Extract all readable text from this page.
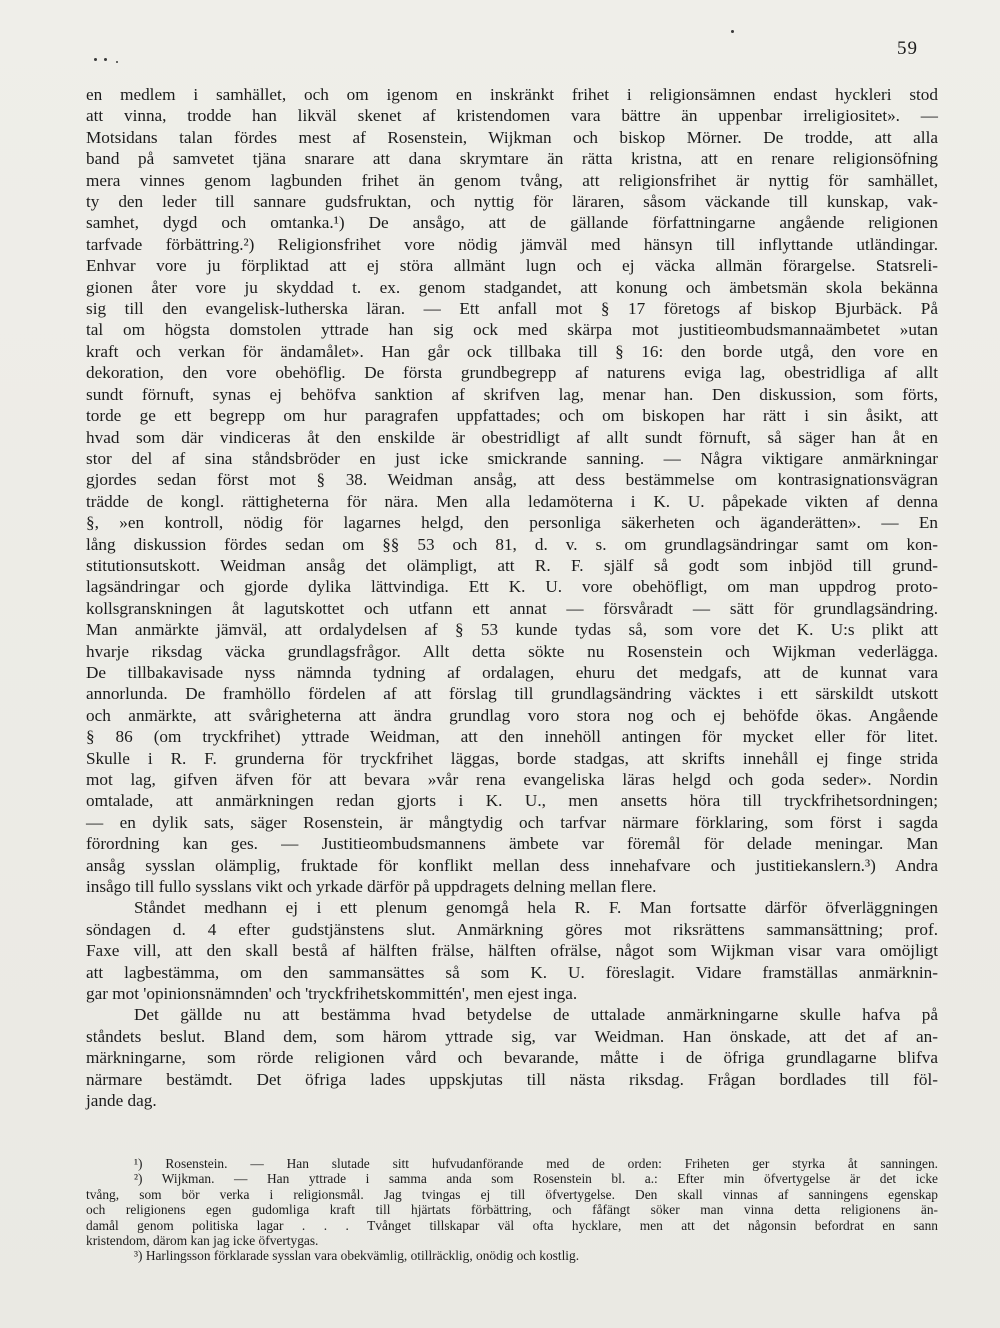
59
en medlem i samhället, och om igenom en inskränkt frihet i religionsämnen endast hyckleri stod
att vinna, trodde han likväl skenet af kristendomen vara bättre än uppenbar irreligiositet». —
Motsidans talan fördes mest af Rosenstein, Wijkman och biskop Mörner. De trodde, att alla
band på samvetet tjäna snarare att dana skrymtare än rätta kristna, att en renare religionsöfning
mera vinnes genom lagbunden frihet än genom tvång, att religionsfrihet är nyttig för samhället,
ty den leder till sannare gudsfruktan, och nyttig för läraren, såsom väckande till kunskap, vak-
samhet, dygd och omtanka.¹) De ansågo, att de gällande författningarne angående religionen
tarfvade förbättring.²) Religionsfrihet vore nödig jämväl med hänsyn till inflyttande utländingar.
Enhvar vore ju förpliktad att ej störa allmänt lugn och ej väcka allmän förargelse. Statsreli-
gionen åter vore ju skyddad t. ex. genom stadgandet, att konung och ämbetsmän skola bekänna
sig till den evangelisk-lutherska läran. — Ett anfall mot § 17 företogs af biskop Bjurbäck. På
tal om högsta domstolen yttrade han sig ock med skärpa mot justitieombudsmannaämbetet »utan
kraft och verkan för ändamålet». Han går ock tillbaka till § 16: den borde utgå, den vore en
dekoration, den vore obehöflig. De första grundbegrepp af naturens eviga lag, obestridliga af allt
sundt förnuft, synas ej behöfva sanktion af skrifven lag, menar han. Den diskussion, som förts,
torde ge ett begrepp om hur paragrafen uppfattades; och om biskopen har rätt i sin åsikt, att
hvad som där vindiceras åt den enskilde är obestridligt af allt sundt förnuft, så säger han åt en
stor del af sina ståndsbröder en just icke smickrande sanning. — Några viktigare anmärkningar
gjordes sedan först mot § 38. Weidman ansåg, att dess bestämmelse om kontrasignationsvägran
trädde de kongl. rättigheterna för nära. Men alla ledamöterna i K. U. påpekade vikten af denna
§, »en kontroll, nödig för lagarnes helgd, den personliga säkerheten och äganderätten». — En
lång diskussion fördes sedan om §§ 53 och 81, d. v. s. om grundlagsändringar samt om kon-
stitutionsutskott. Weidman ansåg det olämpligt, att R. F. själf så godt som inbjöd till grund-
lagsändringar och gjorde dylika lättvindiga. Ett K. U. vore obehöfligt, om man uppdrog proto-
kollsgranskningen åt lagutskottet och utfann ett annat — försvåradt — sätt för grundlagsändring.
Man anmärkte jämväl, att ordalydelsen af § 53 kunde tydas så, som vore det K. U:s plikt att
hvarje riksdag väcka grundlagsfrågor. Allt detta sökte nu Rosenstein och Wijkman vederlägga.
De tillbakavisade nyss nämnda tydning af ordalagen, ehuru det medgafs, att de kunnat vara
annorlunda. De framhöllo fördelen af att förslag till grundlagsändring väcktes i ett särskildt utskott
och anmärkte, att svårigheterna att ändra grundlag voro stora nog och ej behöfde ökas. Angående
§ 86 (om tryckfrihet) yttrade Weidman, att den innehöll antingen för mycket eller för litet.
Skulle i R. F. grunderna för tryckfrihet läggas, borde stadgas, att skrifts innehåll ej finge strida
mot lag, gifven äfven för att bevara »vår rena evangeliska läras helgd och goda seder». Nordin
omtalade, att anmärkningen redan gjorts i K. U., men ansetts höra till tryckfrihetsordningen;
— en dylik sats, säger Rosenstein, är mångtydig och tarfvar närmare förklaring, som först i sagda
förordning kan ges. — Justitieombudsmannens ämbete var föremål för delade meningar. Man
ansåg sysslan olämplig, fruktade för konflikt mellan dess innehafvare och justitiekanslern.³) Andra
insågo till fullo sysslans vikt och yrkade därför på uppdragets delning mellan flere.
Ståndet medhann ej i ett plenum genomgå hela R. F. Man fortsatte därför öfverläggningen
söndagen d. 4 efter gudstjänstens slut. Anmärkning göres mot riksrättens sammansättning; prof.
Faxe vill, att den skall bestå af hälften frälse, hälften ofrälse, något som Wijkman visar vara omöjligt
att lagbestämma, om den sammansättes så som K. U. föreslagit. Vidare framställas anmärknin-
gar mot 'opinionsnämnden' och 'tryckfrihetskommittén', men ejest inga.
Det gällde nu att bestämma hvad betydelse de uttalade anmärkningarne skulle hafva på
ståndets beslut. Bland dem, som härom yttrade sig, var Weidman. Han önskade, att det af an-
märkningarne, som rörde religionen vård och bevarande, måtte i de öfriga grundlagarne blifva
närmare bestämdt. Det öfriga lades uppskjutas till nästa riksdag. Frågan bordlades till föl-
jande dag.
¹) Rosenstein. — Han slutade sitt hufvudanförande med de orden: Friheten ger styrka åt sanningen.
²) Wijkman. — Han yttrade i samma anda som Rosenstein bl. a.: Efter min öfvertygelse är det icke
tvång, som bör verka i religionsmål. Jag tvingas ej till öfvertygelse. Den skall vinnas af sanningens egenskap
och religionens egen gudomliga kraft till hjärtats förbättring, och fåfängt söker man vinna detta religionens än-
damål genom politiska lagar . . . Tvånget tillskapar väl ofta hycklare, men att det någonsin befordrat en sann
kristendom, därom kan jag icke öfvertygas.
³) Harlingsson förklarade sysslan vara obekvämlig, otillräcklig, onödig och kostlig.
